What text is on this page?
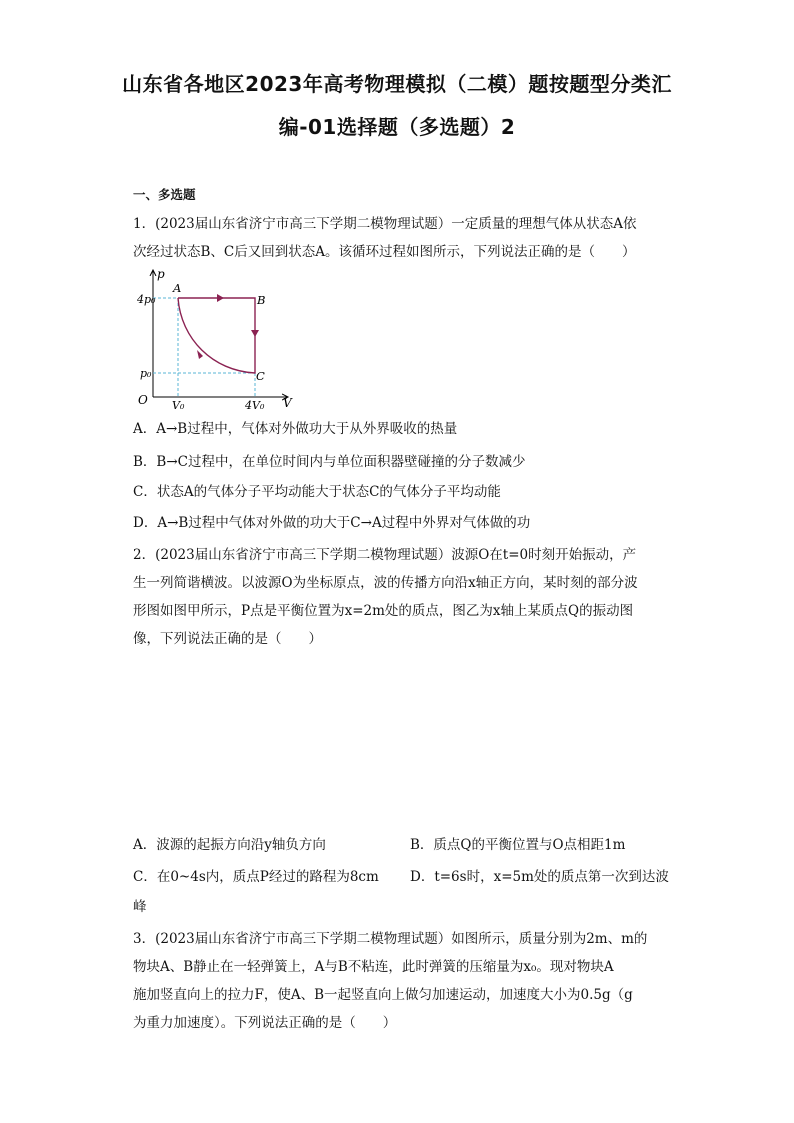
山东省各地区2023年高考物理模拟（二模）题按题型分类汇
编-01选择题（多选题）2
一、多选题
1．(2023届山东省济宁市高三下学期二模物理试题）一定质量的理想气体从状态A依
次经过状态B、C后又回到状态A。该循环过程如图所示，下列说法正确的是（　　）
p
V
O
4p₀
p₀
V₀	4V₀
A
B
C
A．A→B过程中，气体对外做功大于从外界吸收的热量
B．B→C过程中，在单位时间内与单位面积器壁碰撞的分子数减少
C．状态A的气体分子平均动能大于状态C的气体分子平均动能
D．A→B过程中气体对外做的功大于C→A过程中外界对气体做的功
2．(2023届山东省济宁市高三下学期二模物理试题）波源O在t=0时刻开始振动，产
生一列简谐横波。以波源O为坐标原点，波的传播方向沿x轴正方向，某时刻的部分波
形图如图甲所示，P点是平衡位置为x=2m处的质点，图乙为x轴上某质点Q的振动图
像，下列说法正确的是（　　）
A．波源的起振方向沿y轴负方向	B．质点Q的平衡位置与O点相距1m
C．在0~4s内，质点P经过的路程为8cm D．t=6s时，x=5m处的质点第一次到达波
峰
3．(2023届山东省济宁市高三下学期二模物理试题）如图所示，质量分别为2m、m的
物块A、B静止在一轻弹簧上，A与B不粘连，此时弹簧的压缩量为x₀。现对物块A
施加竖直向上的拉力F，使A、B一起竖直向上做匀加速运动，加速度大小为0.5g（g
为重力加速度）。下列说法正确的是（　　）
